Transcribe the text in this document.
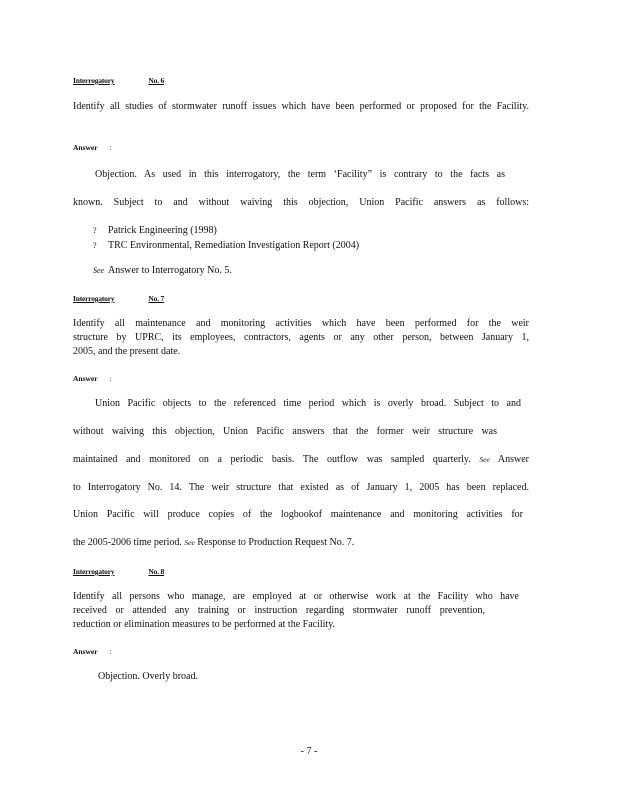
Interrogatory	No. 6
Identify all studies of stormwater runoff issues which have been performed or proposed for the Facility.
Answer :
Objection. As used in this interrogatory, the term ‘Facility” is contrary to the facts as
known. Subject to and without waiving this objection, Union Pacific answers as follows:
? Patrick Engineering (1998)
? TRC Environmental, Remediation Investigation Report (2004)
See Answer to Interrogatory No. 5.
Interrogatory	No. 7
Identify all maintenance and monitoring activities which have been performed for the weir
structure by UPRC, its employees, contractors, agents or any other person, between January 1,
2005, and the present date.
Answer :
Union Pacific objects to the referenced time period which is overly broad. Subject to and
without waiving this objection, Union Pacific answers that the former weir structure was
maintained and monitored on a periodic basis. The outflow was sampled quarterly. See Answer
to Interrogatory No. 14. The weir structure that existed as of January 1, 2005 has been replaced.
Union Pacific will produce copies of the logbookof maintenance and monitoring activities for
the 2005-2006 time period. See Response to Production Request No. 7.
Interrogatory	No. 8
Identify all persons who manage, are employed at or otherwise work at the Facility who have
received or attended any training or instruction regarding stormwater runoff prevention,
reduction or elimination measures to be performed at the Facility.
Answer :
Objection. Overly broad.
- 7 -
